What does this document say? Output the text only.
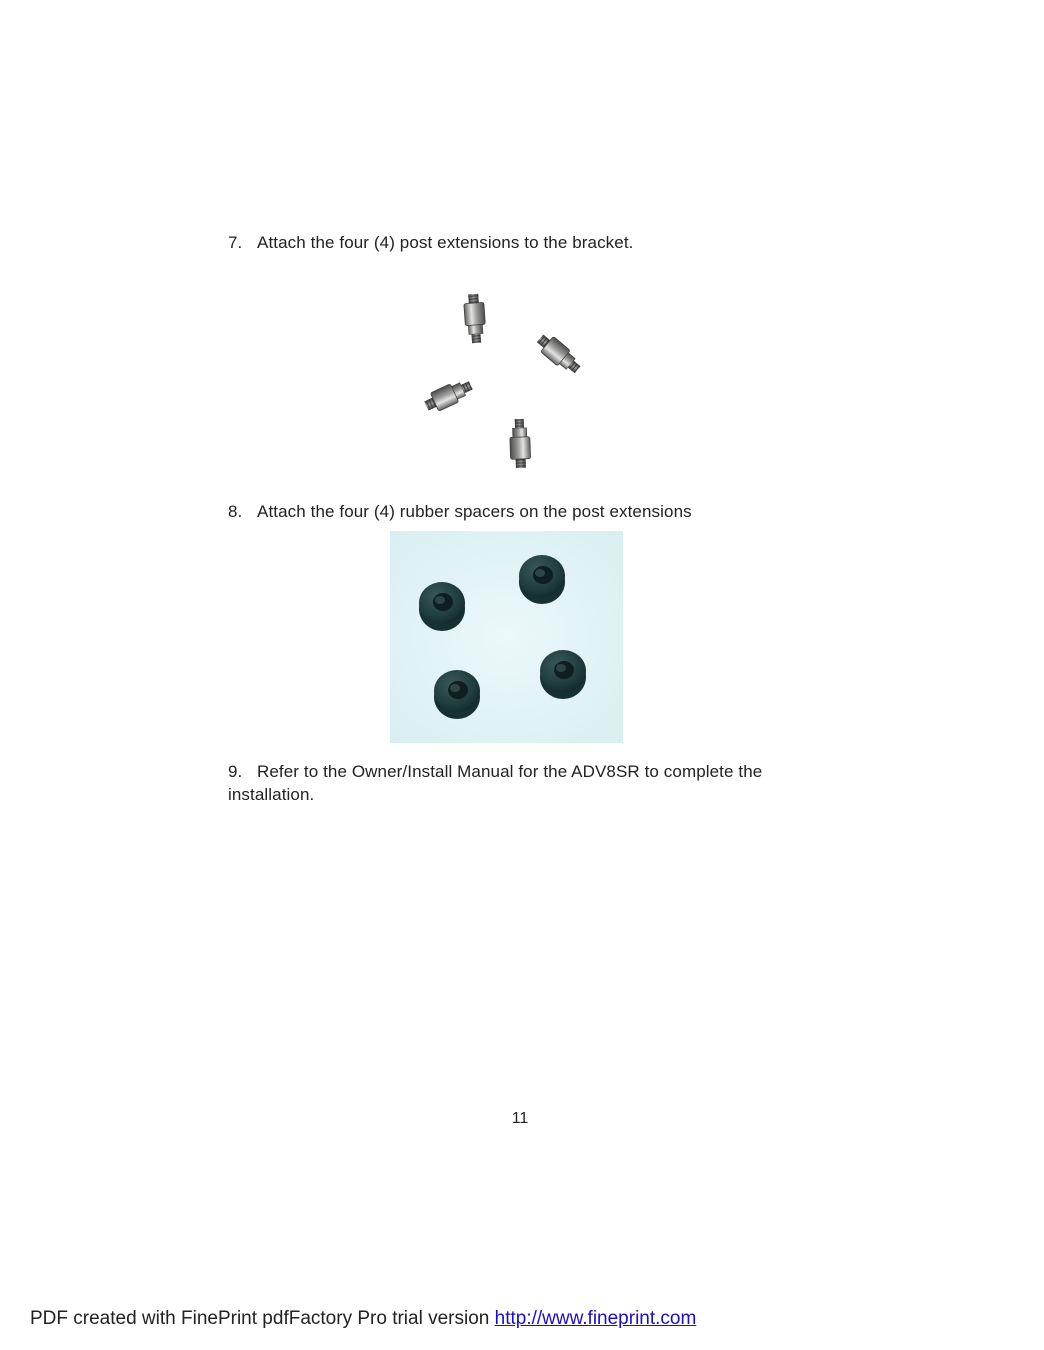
7. Attach the four (4) post extensions to the bracket.
8. Attach the four (4) rubber spacers on the post extensions
9. Refer to the Owner/Install Manual for the ADV8SR to complete the installation.
11
PDF created with FinePrint pdfFactory Pro trial version http://www.fineprint.com
